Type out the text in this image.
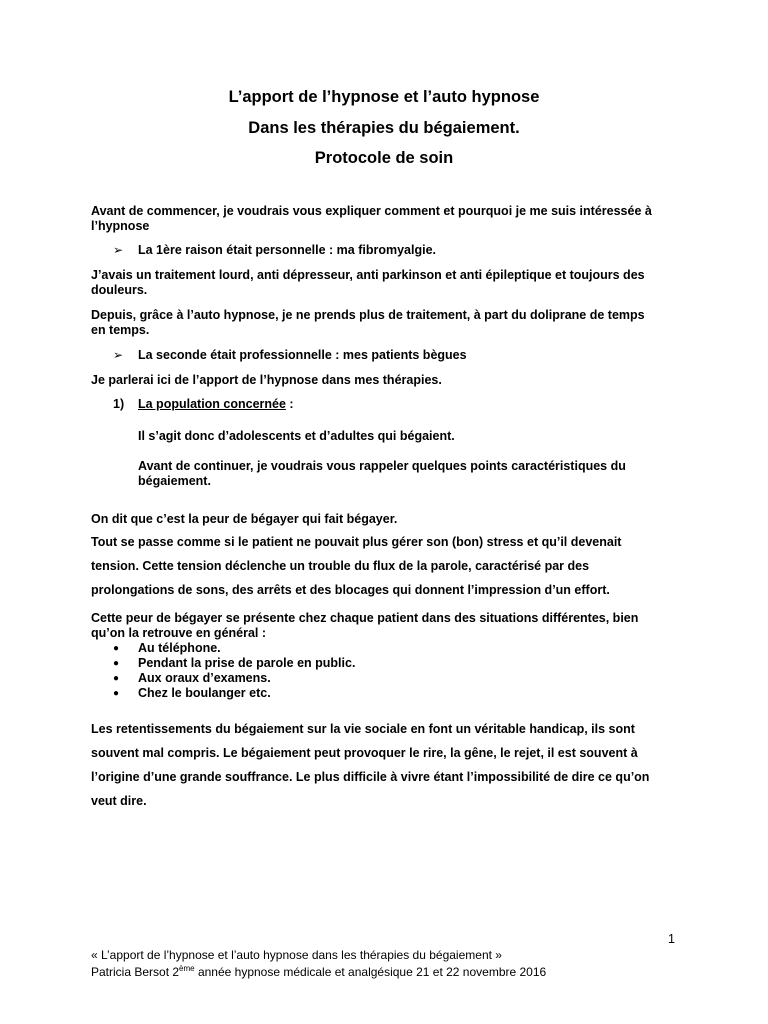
L’apport de l’hypnose et l’auto hypnose
Dans les thérapies du bégaiement.
Protocole de soin
Avant de commencer, je voudrais vous expliquer comment et pourquoi je me suis intéressée à
l’hypnose
➢ La 1ère raison était personnelle : ma fibromyalgie.
J’avais un traitement lourd, anti dépresseur, anti parkinson et anti épileptique et toujours des
douleurs.
Depuis, grâce à l’auto hypnose, je ne prends plus de traitement, à part du doliprane de temps
en temps.
➢ La seconde était professionnelle : mes patients bègues
Je parlerai ici de l’apport de l’hypnose dans mes thérapies.
1)	La population concernée :
Il s’agit donc d’adolescents et d’adultes qui bégaient.
Avant de continuer, je voudrais vous rappeler quelques points caractéristiques du
bégaiement.
On dit que c’est la peur de bégayer qui fait bégayer.
Tout se passe comme si le patient ne pouvait plus gérer son (bon) stress et qu’il devenait
tension. Cette tension déclenche un trouble du flux de la parole, caractérisé par des
prolongations de sons, des arrêts et des blocages qui donnent l’impression d’un effort.
Cette peur de bégayer se présente chez chaque patient dans des situations différentes, bien
qu’on la retrouve en général :
● Au téléphone.
● Pendant la prise de parole en public.
● Aux oraux d’examens.
● Chez le boulanger etc.
Les retentissements du bégaiement sur la vie sociale en font un véritable handicap, ils sont
souvent mal compris. Le bégaiement peut provoquer le rire, la gêne, le rejet, il est souvent à
l’origine d’une grande souffrance. Le plus difficile à vivre étant l’impossibilité de dire ce qu’on
veut dire.
1
« L’apport de l’hypnose et l’auto hypnose dans les thérapies du bégaiement »
Patricia Bersot 2ème année hypnose médicale et analgésique 21 et 22 novembre 2016
